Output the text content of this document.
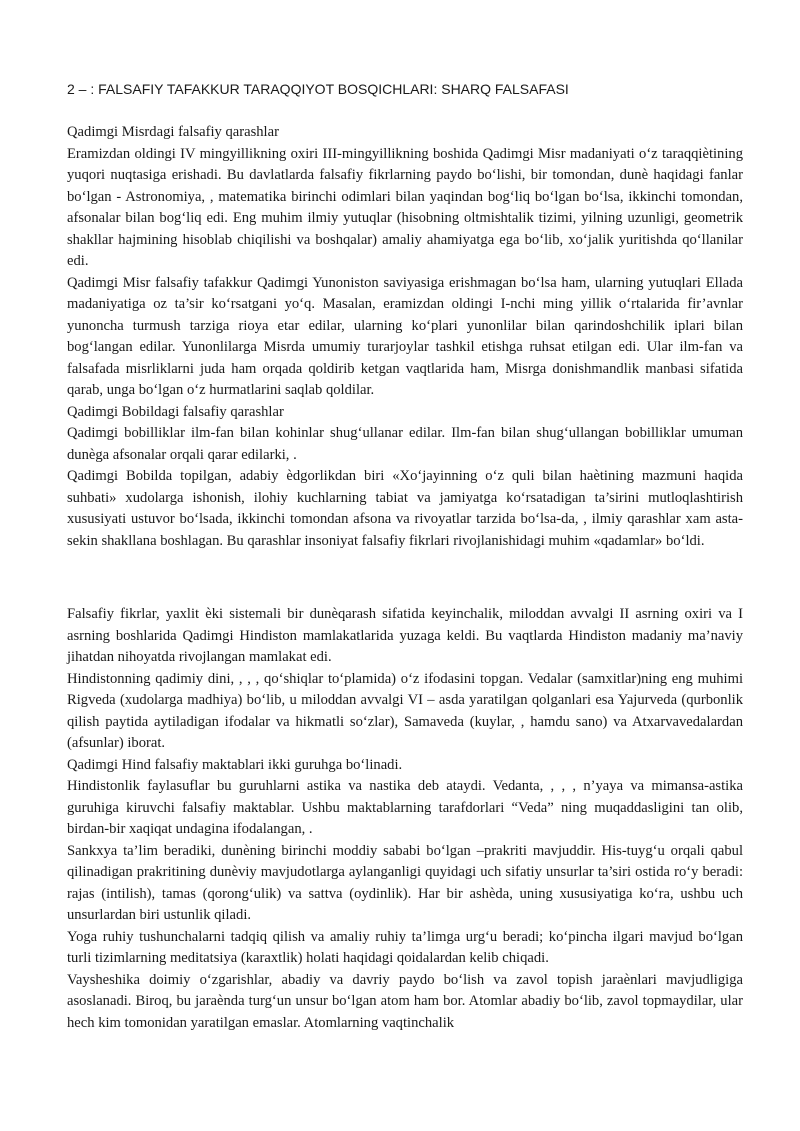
2 – : FALSAFIY TAFAKKUR TARAQQIYOT BOSQICHLARI: SHARQ FALSAFASI

Qadimgi Misrdagi falsafiy qarashlar

Eramizdan oldingi IV mingyillikning oxiri III-mingyillikning boshida Qadimgi Misr madaniyati o‘z taraqqiètining yuqori nuqtasiga erishadi. Bu davlatlarda falsafiy fikrlarning paydo bo‘lishi, bir tomondan, dunè haqidagi fanlar bo‘lgan - Astronomiya, , matematika birinchi odimlari bilan yaqindan bog‘liq bo‘lgan bo‘lsa, ikkinchi tomondan, afsonalar bilan bog‘liq edi. Eng muhim ilmiy yutuqlar (hisobning oltmishtalik tizimi, yilning uzunligi, geometrik shakllar hajmining hisoblab chiqilishi va boshqalar) amaliy ahamiyatga ega bo‘lib, xo‘jalik yuritishda qo‘llanilar edi.

Qadimgi Misr falsafiy tafakkur Qadimgi Yunoniston saviyasiga erishmagan bo‘lsa ham, ularning yutuqlari Ellada madaniyatiga oz ta’sir ko‘rsatgani yo‘q. Masalan, eramizdan oldingi I-nchi ming yillik o‘rtalarida fir’avnlar yunoncha turmush tarziga rioya etar edilar, ularning ko‘plari yunonlilar bilan qarindoshchilik iplari bilan bog‘langan edilar. Yunonlilarga Misrda umumiy turarjoylar tashkil etishga ruhsat etilgan edi. Ular ilm-fan va falsafada misrliklarni juda ham orqada qoldirib ketgan vaqtlarida ham, Misrga donishmandlik manbasi sifatida qarab, unga bo‘lgan o‘z hurmatlarini saqlab qoldilar.

Qadimgi Bobildagi falsafiy qarashlar

Qadimgi bobilliklar ilm-fan bilan kohinlar shug‘ullanar edilar. Ilm-fan bilan shug‘ullangan bobilliklar umuman dunèga afsonalar orqali qarar edilarki, .

Qadimgi Bobilda topilgan, adabiy èdgorlikdan biri «Xo‘jayinning o‘z quli bilan haètining mazmuni haqida suhbati» xudolarga ishonish, ilohiy kuchlarning tabiat va jamiyatga ko‘rsatadigan ta’sirini mutloqlashtirish xususiyati ustuvor bo‘lsada, ikkinchi tomondan afsona va rivoyatlar tarzida bo‘lsa-da, , ilmiy qarashlar xam asta-sekin shakllana boshlagan. Bu qarashlar insoniyat falsafiy fikrlari rivojlanishidagi muhim «qadamlar» bo‘ldi.

Falsafiy fikrlar, yaxlit èki sistemali bir dunèqarash sifatida keyinchalik, miloddan avvalgi II asrning oxiri va I asrning boshlarida Qadimgi Hindiston mamlakatlarida yuzaga keldi. Bu vaqtlarda Hindiston madaniy ma’naviy jihatdan nihoyatda rivojlangan mamlakat edi.

Hindistonning qadimiy dini, , , , qo‘shiqlar to‘plamida) o‘z ifodasini topgan. Vedalar (samxitlar)ning eng muhimi Rigveda (xudolarga madhiya) bo‘lib, u miloddan avvalgi VI – asda yaratilgan qolganlari esa Yajurveda (qurbonlik qilish paytida aytiladigan ifodalar va hikmatli so‘zlar), Samaveda (kuylar, , hamdu sano) va Atxarvavedalardan (afsunlar) iborat.

Qadimgi Hind falsafiy maktablari ikki guruhga bo‘linadi.

Hindistonlik faylasuflar bu guruhlarni astika va nastika deb ataydi. Vedanta, , , , n’yaya va mimansa-astika guruhiga kiruvchi falsafiy maktablar. Ushbu maktablarning tarafdorlari “Veda” ning muqaddasligini tan olib, birdan-bir xaqiqat undagina ifodalangan, .

Sankxya ta’lim beradiki, dunèning birinchi moddiy sababi bo‘lgan –prakriti mavjuddir. His-tuyg‘u orqali qabul qilinadigan prakritining dunèviy mavjudotlarga aylanganligi quyidagi uch sifatiy unsurlar ta’siri ostida ro‘y beradi: rajas (intilish), tamas (qorong‘ulik) va sattva (oydinlik). Har bir ashèda, uning xususiyatiga ko‘ra, ushbu uch unsurlardan biri ustunlik qiladi.

Yoga ruhiy tushunchalarni tadqiq qilish va amaliy ruhiy ta’limga urg‘u beradi; ko‘pincha ilgari mavjud bo‘lgan turli tizimlarning meditatsiya (karaxtlik) holati haqidagi qoidalardan kelib chiqadi.

Vaysheshika doimiy o‘zgarishlar, abadiy va davriy paydo bo‘lish va zavol topish jaraènlari mavjudligiga asoslanadi. Biroq, bu jaraènda turg‘un unsur bo‘lgan atom ham bor. Atomlar abadiy bo‘lib, zavol topmaydilar, ular hech kim tomonidan yaratilgan emaslar. Atomlarning vaqtinchalik
